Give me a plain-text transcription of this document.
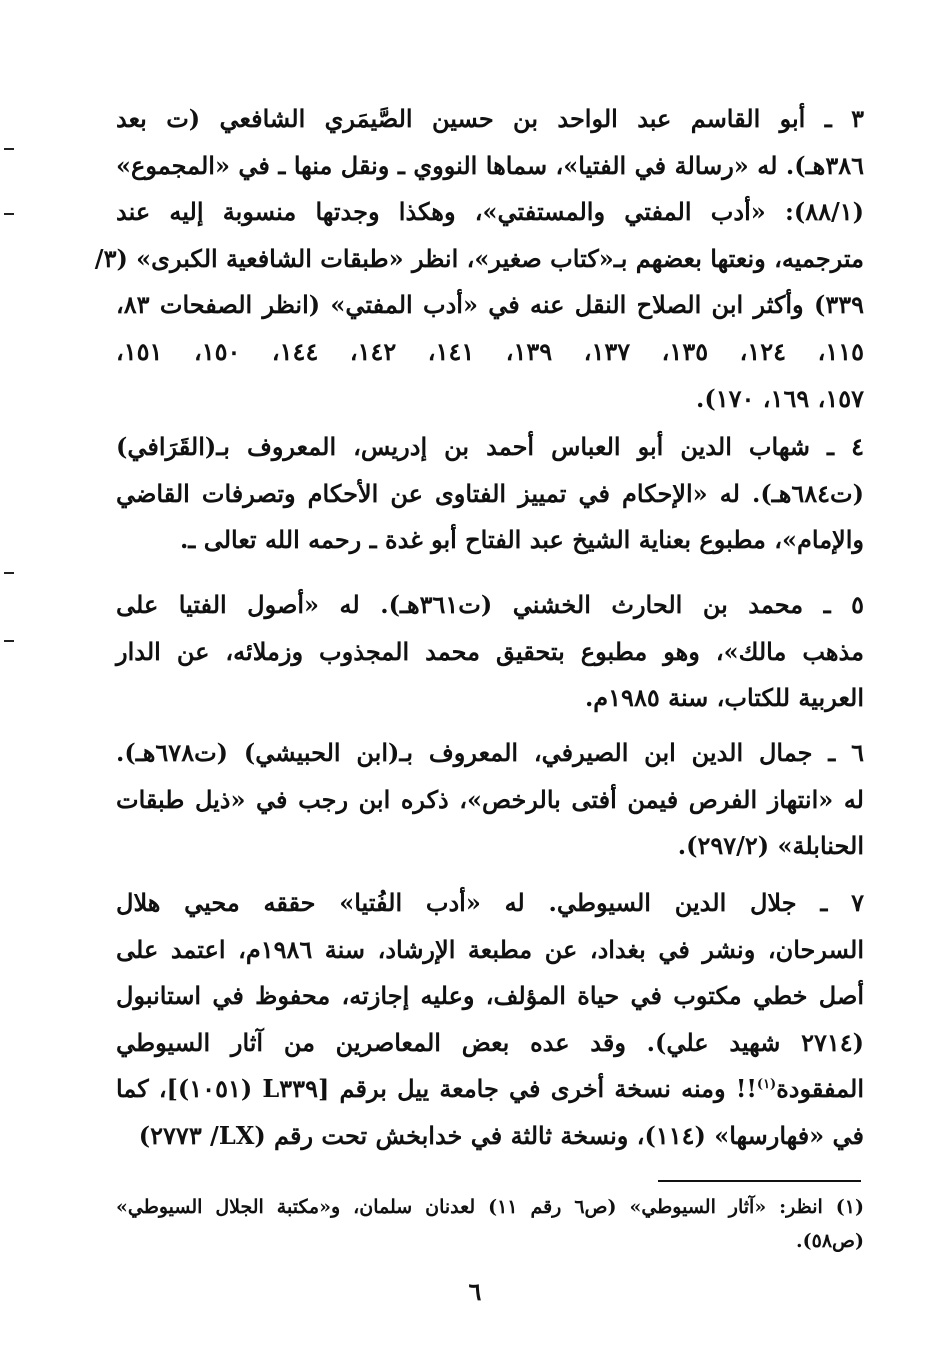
٣ ـ أبو القاسم عبد الواحد بن حسين الصَّيمَري الشافعي (ت بعد
٣٨٦هـ). له «رسالة في الفتيا»، سماها النووي ـ ونقل منها ـ في «المجموع»
(٨٨/١): «أدب المفتي والمستفتي»، وهكذا وجدتها منسوبة إليه عند
مترجميه، ونعتها بعضهم بـ«كتاب صغير»، انظر «طبقات الشافعية الكبرى» (٣/
٣٣٩) وأكثر ابن الصلاح النقل عنه في «أدب المفتي» (انظر الصفحات ٨٣،
١١٥، ١٢٤، ١٣٥، ١٣٧، ١٣٩، ١٤١، ١٤٢، ١٤٤، ١٥٠، ١٥١،
١٥٧، ١٦٩، ١٧٠).

٤ ـ شهاب الدين أبو العباس أحمد بن إدريس، المعروف بـ(القَرَافي)
(ت٦٨٤هـ). له «الإحكام في تمييز الفتاوى عن الأحكام وتصرفات القاضي
والإمام»، مطبوع بعناية الشيخ عبد الفتاح أبو غدة ـ رحمه الله تعالى ـ.

٥ ـ محمد بن الحارث الخشني (ت٣٦١هـ). له «أصول الفتيا على
مذهب مالك»، وهو مطبوع بتحقيق محمد المجذوب وزملائه، عن الدار
العربية للكتاب، سنة ١٩٨٥م.

٦ ـ جمال الدين ابن الصيرفي، المعروف بـ(ابن الحبيشي) (ت٦٧٨هـ).
له «انتهاز الفرص فيمن أفتى بالرخص»، ذكره ابن رجب في «ذيل طبقات
الحنابلة» (٢٩٧/٢).

٧ ـ جلال الدين السيوطي. له «أدب الفُتيا» حققه محيي هلال
السرحان، ونشر في بغداد، عن مطبعة الإرشاد، سنة ١٩٨٦م، اعتمد على
أصل خطي مكتوب في حياة المؤلف، وعليه إجازته، محفوظ في استانبول
(٢٧١٤ شهيد علي). وقد عده بعض المعاصرين من آثار السيوطي
المفقودة$^{(١)}$!! ومنه نسخة أخرى في جامعة ييل برقم [L٣٣٩ (١٠٥١)]، كما
في «فهارسها» (١١٤)، ونسخة ثالثة في خدابخش تحت رقم (LX/ ٢٧٧٣)

(١) انظر: «آثار السيوطي» (ص٦ رقم ١١) لعدنان سلمان، و«مكتبة الجلال السيوطي»
(ص٥٨).

٦
